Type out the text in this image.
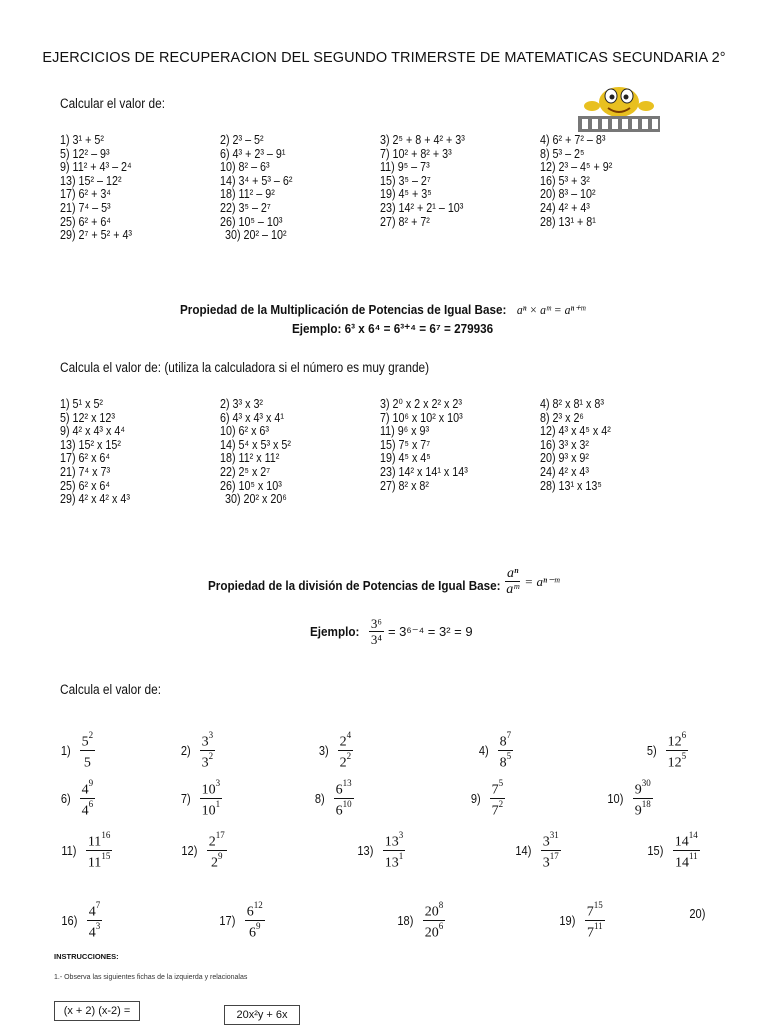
EJERCICIOS DE RECUPERACION DEL SEGUNDO TRIMERSTE DE MATEMATICAS SECUNDARIA 2°
Calcular el valor de:
1) 3¹ + 5²	2) 2³ – 5²	3) 2⁵ + 8 + 4² + 3³	4) 6² + 7² – 8³
5) 12² – 9³	6) 4³ + 2³ – 9¹	7) 10² + 8² + 3³	8) 5³ – 2⁵
9) 11² + 4³ – 2⁴	10) 8² – 6³	11) 9⁵ – 7³	12) 2³ – 4⁵ + 9²
13) 15² – 12²	14) 3⁴ + 5³ – 6²	15) 3⁵ – 2⁷	16) 5³ + 3²
17) 6² + 3⁴	18) 11² – 9²	19) 4⁵ + 3⁵	20) 8³ – 10²
21) 7⁴ – 5³	22) 3⁵ – 2⁷	23) 14² + 2¹ – 10³	24) 4² + 4³
25) 6² + 6⁴	26) 10⁵ – 10³	27) 8² + 7²	28) 13¹ + 8¹
29) 2⁷ + 5² + 4³	30) 20² – 10²
Propiedad de la Multiplicación de Potencias de Igual Base: aⁿ × aᵐ = aⁿ⁺ᵐ
Ejemplo: 6³ x 6⁴ = 6³⁺⁴ = 6⁷ = 279936
Calcula el valor de: (utiliza la calculadora si el número es muy grande)
1) 5¹ x 5²	2) 3³ x 3²	3) 2⁰ x 2 x 2² x 2³	4) 8² x 8¹ x 8³
5) 12² x 12³	6) 4³ x 4³ x 4¹	7) 10⁶ x 10² x 10³	8) 2³ x 2⁶
9) 4² x 4³ x 4⁴	10) 6² x 6³	11) 9⁶ x 9³	12) 4³ x 4⁵ x 4²
13) 15² x 15²	14) 5⁴ x 5³ x 5²	15) 7⁵ x 7⁷	16) 3³ x 3²
17) 6² x 6⁴	18) 11² x 11²	19) 4⁵ x 4⁵	20) 9³ x 9²
21) 7⁴ x 7³	22) 2⁵ x 2⁷	23) 14² x 14¹ x 14³	24) 4² x 4³
25) 6² x 6⁴	26) 10⁵ x 10³	27) 8² x 8²	28) 13¹ x 13⁵
29) 4² x 4² x 4³	30) 20² x 20⁶
Propiedad de la división de Potencias de Igual Base: $\frac{\text{aⁿ}}{\text{aᵐ}}$ = aⁿ⁻ᵐ
Ejemplo: $\frac{\text{3⁶}}{\text{3⁴}} = 3^{6-4} = 3^2 = 9$
Calcula el valor de:
$1) \frac{5^2}{5}$	$2) \frac{3^3}{3^2}$	$3) \frac{2^4}{2^2}$	$4) \frac{8^7}{8^5}$	$5) \frac{12^6}{12^5}$
$6) \frac{4^9}{4^6}$	$7) \frac{10^3}{10^1}$	$8) \frac{6^{13}}{6^{10}}$	$9) \frac{7^5}{7^2}$	$10) \frac{9^{30}}{9^{18}}$
$11) \frac{11^{16}}{11^{15}}$	$12) \frac{2^{17}}{2^9}$	$13) \frac{13^3}{13^1}$	$14) \frac{3^{31}}{3^{17}}$	$15) \frac{14^{14}}{14^{11}}$
$16) \frac{4^7}{4^3}$	$17) \frac{6^{12}}{6^9}$	$18) \frac{20^8}{20^6}$	$19) \frac{7^{15}}{7^{11}}$	20)
INSTRUCCIONES:
1.- Observa las siguientes fichas de la izquierda y relacionalas
(x + 2) (x-2) =	20x²y + 6x
